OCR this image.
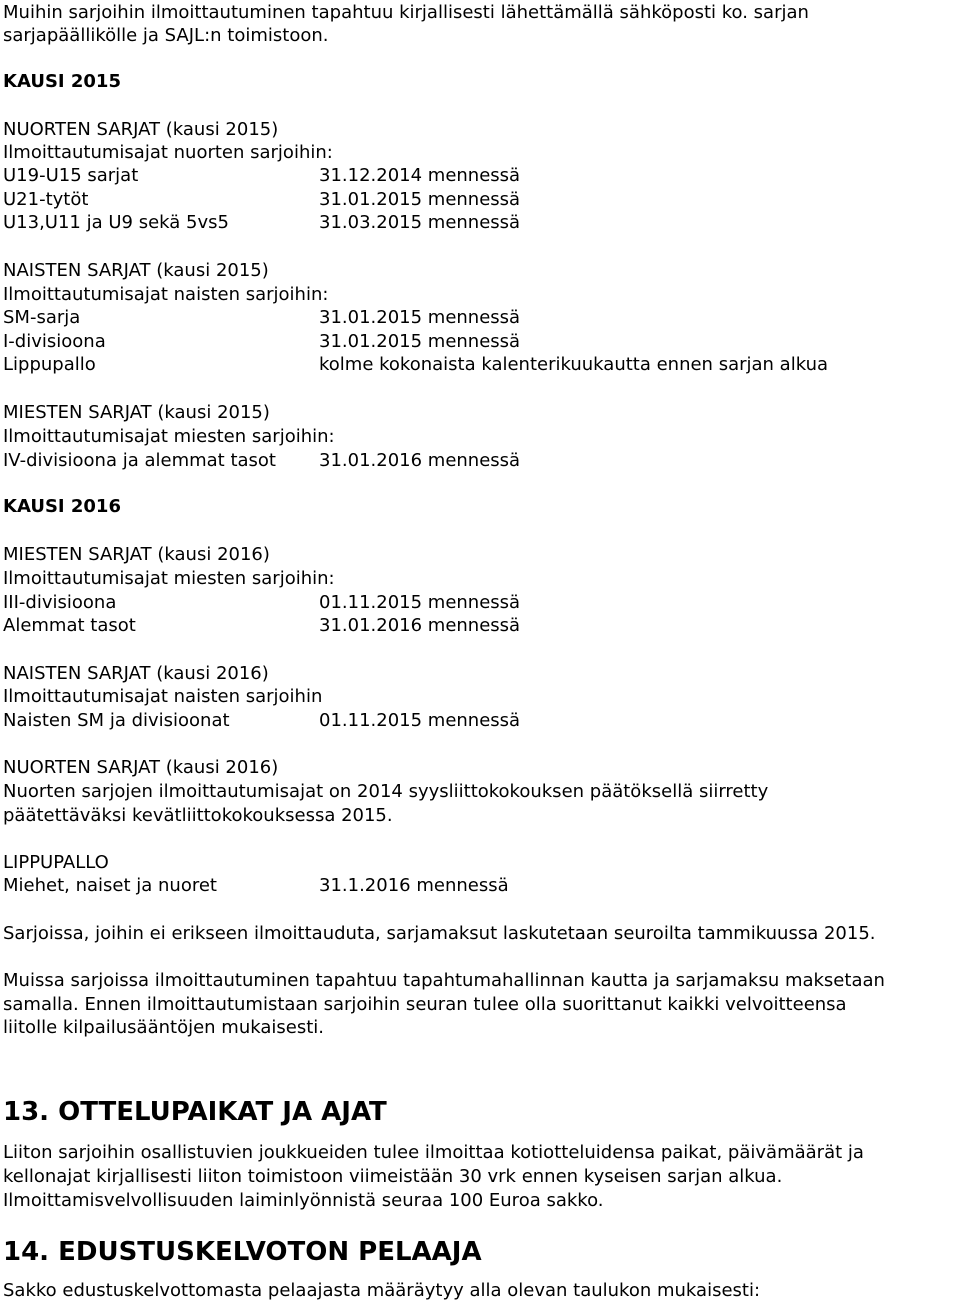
Muihin sarjoihin ilmoittautuminen tapahtuu kirjallisesti lähettämällä sähköposti ko. sarjan
sarjapäällikölle ja SAJL:n toimistoon.
KAUSI 2015
NUORTEN SARJAT (kausi 2015)
Ilmoittautumisajat nuorten sarjoihin:
U19-U15 sarjat	31.12.2014 mennessä
U21-tytöt	31.01.2015 mennessä
U13,U11 ja U9 sekä 5vs5	31.03.2015 mennessä
NAISTEN SARJAT (kausi 2015)
Ilmoittautumisajat naisten sarjoihin:
SM-sarja	31.01.2015 mennessä
I-divisioona	31.01.2015 mennessä
Lippupallo	kolme kokonaista kalenterikuukautta ennen sarjan alkua
MIESTEN SARJAT (kausi 2015)
Ilmoittautumisajat miesten sarjoihin:
IV-divisioona ja alemmat tasot 31.01.2016 mennessä
KAUSI 2016
MIESTEN SARJAT (kausi 2016)
Ilmoittautumisajat miesten sarjoihin:
III-divisioona	01.11.2015 mennessä
Alemmat tasot	31.01.2016 mennessä
NAISTEN SARJAT (kausi 2016)
Ilmoittautumisajat naisten sarjoihin
Naisten SM ja divisioonat	01.11.2015 mennessä
NUORTEN SARJAT (kausi 2016)
Nuorten sarjojen ilmoittautumisajat on 2014 syysliittokokouksen päätöksellä siirretty
päätettäväksi kevätliittokokouksessa 2015.
LIPPUPALLO
Miehet, naiset ja nuoret	31.1.2016 mennessä
Sarjoissa, joihin ei erikseen ilmoittauduta, sarjamaksut laskutetaan seuroilta tammikuussa 2015.
Muissa sarjoissa ilmoittautuminen tapahtuu tapahtumahallinnan kautta ja sarjamaksu maksetaan
samalla. Ennen ilmoittautumistaan sarjoihin seuran tulee olla suorittanut kaikki velvoitteensa
liitolle kilpailusääntöjen mukaisesti.
13. OTTELUPAIKAT JA AJAT
Liiton sarjoihin osallistuvien joukkueiden tulee ilmoittaa kotiotteluidensa paikat, päivämäärät ja
kellonajat kirjallisesti liiton toimistoon viimeistään 30 vrk ennen kyseisen sarjan alkua.
Ilmoittamisvelvollisuuden laiminlyönnistä seuraa 100 Euroa sakko.
14. EDUSTUSKELVOTON PELAAJA
Sakko edustuskelvottomasta pelaajasta määräytyy alla olevan taulukon mukaisesti:
